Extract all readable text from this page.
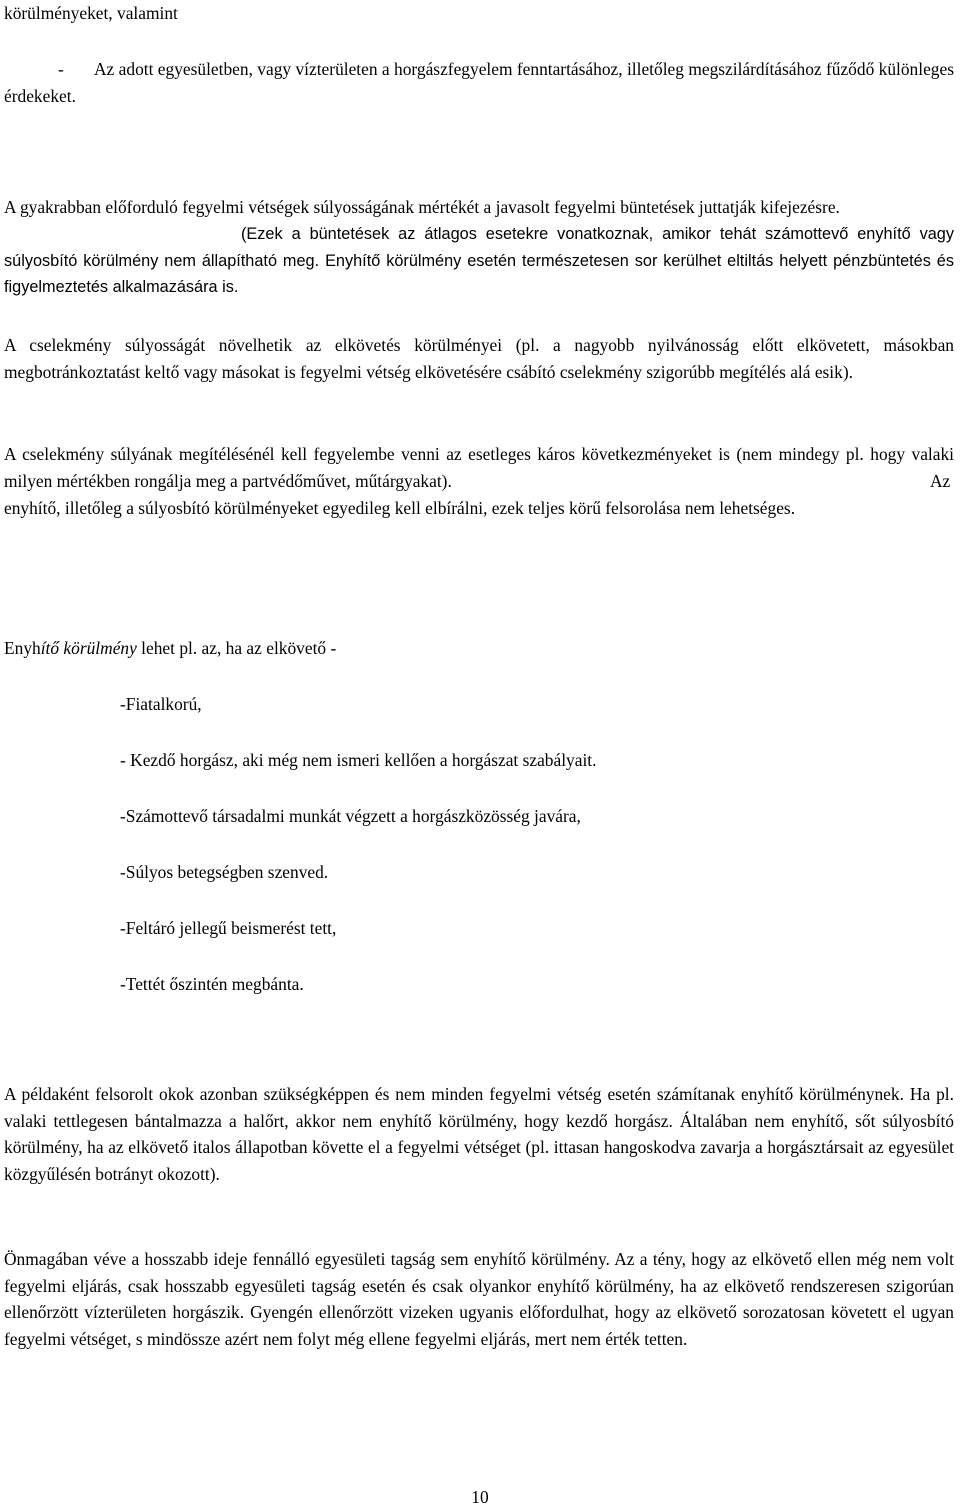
körülményeket, valamint

-	Az adott egyesületben, vagy vízterületen a horgászfegyelem fenntartásához, illetőleg megszilárdításához fűződő különleges érdekeket.

A gyakrabban előforduló fegyelmi vétségek súlyosságának mértékét a javasolt fegyelmi büntetések juttatják kifejezésre.

(Ezek a büntetések az átlagos esetekre vonatkoznak, amikor tehát számottevő enyhítő vagy súlyosbító körülmény nem állapítható meg. Enyhítő körülmény esetén természetesen sor kerülhet eltiltás helyett pénzbüntetés és figyelmeztetés alkalmazására is.

A cselekmény súlyosságát növelhetik az elkövetés körülményei (pl. a nagyobb nyilvánosság előtt elkövetett, másokban megbotránkoztatást keltő vagy másokat is fegyelmi vétség elkövetésére csábító cselekmény szigorúbb megítélés alá esik).

A cselekmény súlyának megítélésénél kell fegyelembe venni az esetleges káros következményeket is (nem mindegy pl. hogy valaki milyen mértékben rongálja meg a partvédőművet, műtárgyakat).	Az

enyhítő, illetőleg a súlyosbító körülményeket egyedileg kell elbírálni, ezek teljes körű felsorolása nem lehetséges.

Enyhítő körülmény lehet pl. az, ha az elkövető -

-Fiatalkorú,

- Kezdő horgász, aki még nem ismeri kellően a horgászat szabályait.

-Számottevő társadalmi munkát végzett a horgászközösség javára,

-Súlyos betegségben szenved.

-Feltáró jellegű beismerést tett,

-Tettét őszintén megbánta.

A példaként felsorolt okok azonban szükségképpen és nem minden fegyelmi vétség esetén számítanak enyhítő körülménynek. Ha pl. valaki tettlegesen bántalmazza a halőrt, akkor nem enyhítő körülmény, hogy kezdő horgász. Általában nem enyhítő, sőt súlyosbító körülmény, ha az elkövető italos állapotban követte el a fegyelmi vétséget (pl. ittasan hangoskodva zavarja a horgásztársait az egyesület közgyűlésén botrányt okozott).

Önmagában véve a hosszabb ideje fennálló egyesületi tagság sem enyhítő körülmény. Az a tény, hogy az elkövető ellen még nem volt fegyelmi eljárás, csak hosszabb egyesületi tagság esetén és csak olyankor enyhítő körülmény, ha az elkövető rendszeresen szigorúan ellenőrzött vízterületen horgászik. Gyengén ellenőrzött vizeken ugyanis előfordulhat, hogy az elkövető sorozatosan követett el ugyan fegyelmi vétséget, s mindössze azért nem folyt még ellene fegyelmi eljárás, mert nem érték tetten.

10
